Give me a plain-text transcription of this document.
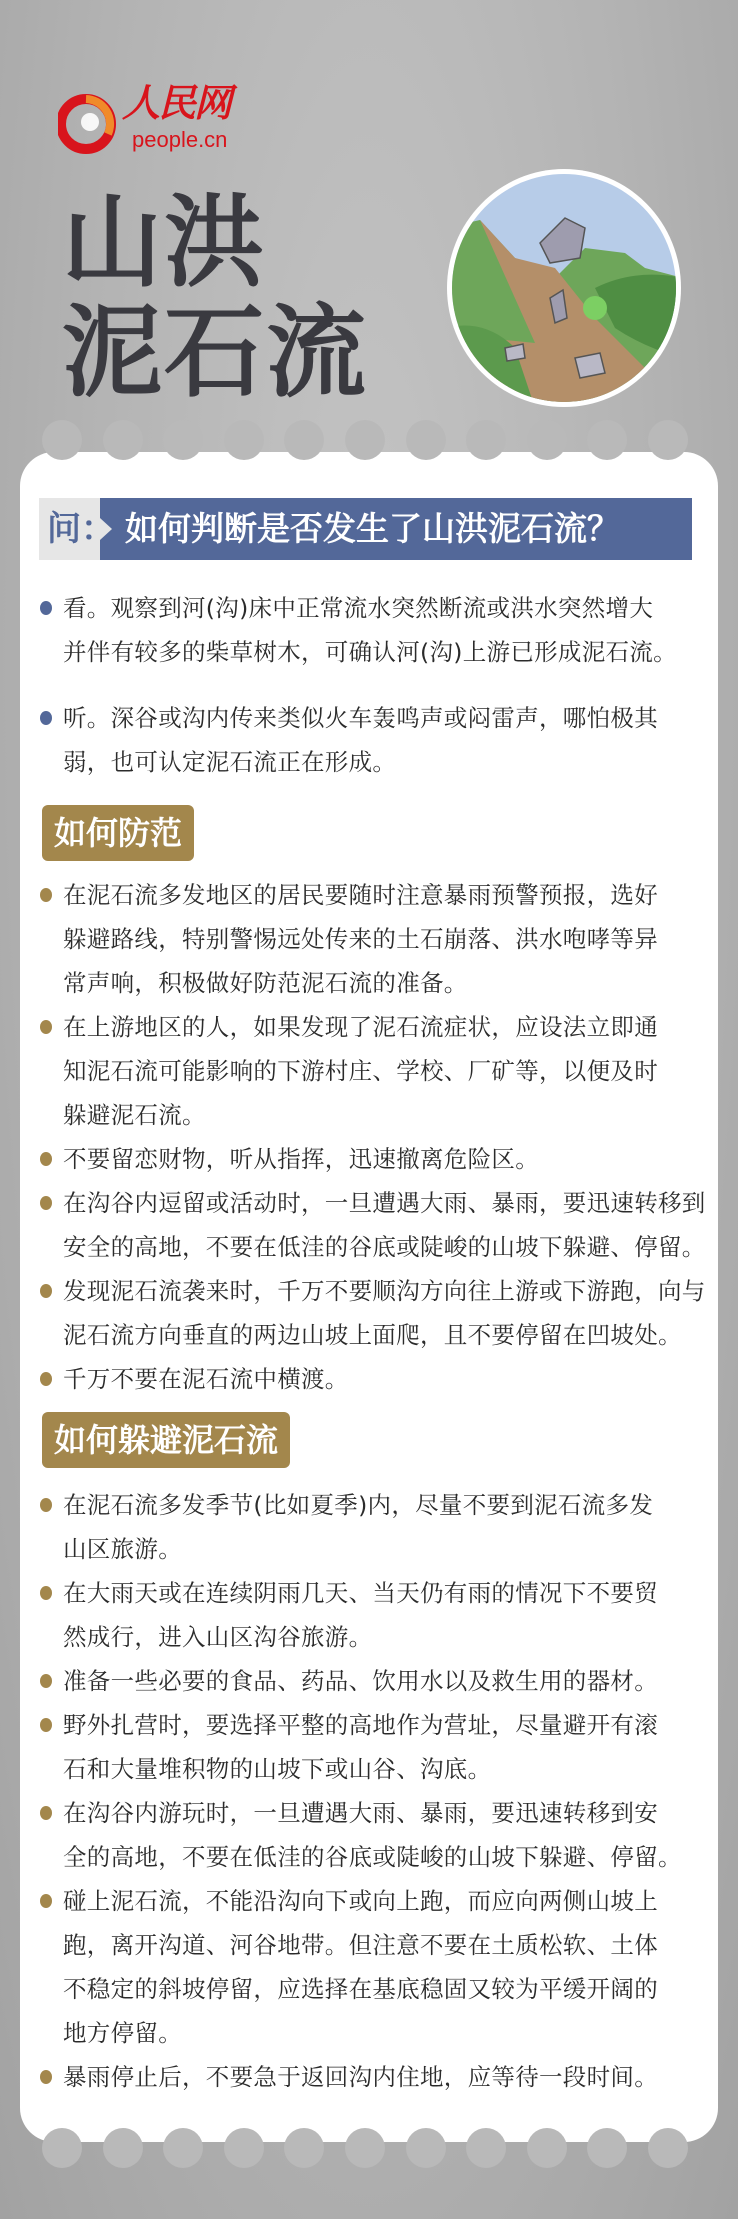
人民网
people.cn
山洪
泥石流
问： 如何判断是否发生了山洪泥石流？
看。观察到河(沟)床中正常流水突然断流或洪水突然增大
并伴有较多的柴草树木，可确认河(沟)上游已形成泥石流。
听。深谷或沟内传来类似火车轰鸣声或闷雷声，哪怕极其
弱，也可认定泥石流正在形成。
如何防范
在泥石流多发地区的居民要随时注意暴雨预警预报，选好
躲避路线，特别警惕远处传来的土石崩落、洪水咆哮等异
常声响，积极做好防范泥石流的准备。
在上游地区的人，如果发现了泥石流症状，应设法立即通
知泥石流可能影响的下游村庄、学校、厂矿等，以便及时
躲避泥石流。
不要留恋财物，听从指挥，迅速撤离危险区。
在沟谷内逗留或活动时，一旦遭遇大雨、暴雨，要迅速转移到
安全的高地，不要在低洼的谷底或陡峻的山坡下躲避、停留。
发现泥石流袭来时，千万不要顺沟方向往上游或下游跑，向与
泥石流方向垂直的两边山坡上面爬，且不要停留在凹坡处。
千万不要在泥石流中横渡。
如何躲避泥石流
在泥石流多发季节(比如夏季)内，尽量不要到泥石流多发
山区旅游。
在大雨天或在连续阴雨几天、当天仍有雨的情况下不要贸
然成行，进入山区沟谷旅游。
准备一些必要的食品、药品、饮用水以及救生用的器材。
野外扎营时，要选择平整的高地作为营址，尽量避开有滚
石和大量堆积物的山坡下或山谷、沟底。
在沟谷内游玩时，一旦遭遇大雨、暴雨，要迅速转移到安
全的高地，不要在低洼的谷底或陡峻的山坡下躲避、停留。
碰上泥石流，不能沿沟向下或向上跑，而应向两侧山坡上
跑，离开沟道、河谷地带。但注意不要在土质松软、土体
不稳定的斜坡停留，应选择在基底稳固又较为平缓开阔的
地方停留。
暴雨停止后，不要急于返回沟内住地，应等待一段时间。
